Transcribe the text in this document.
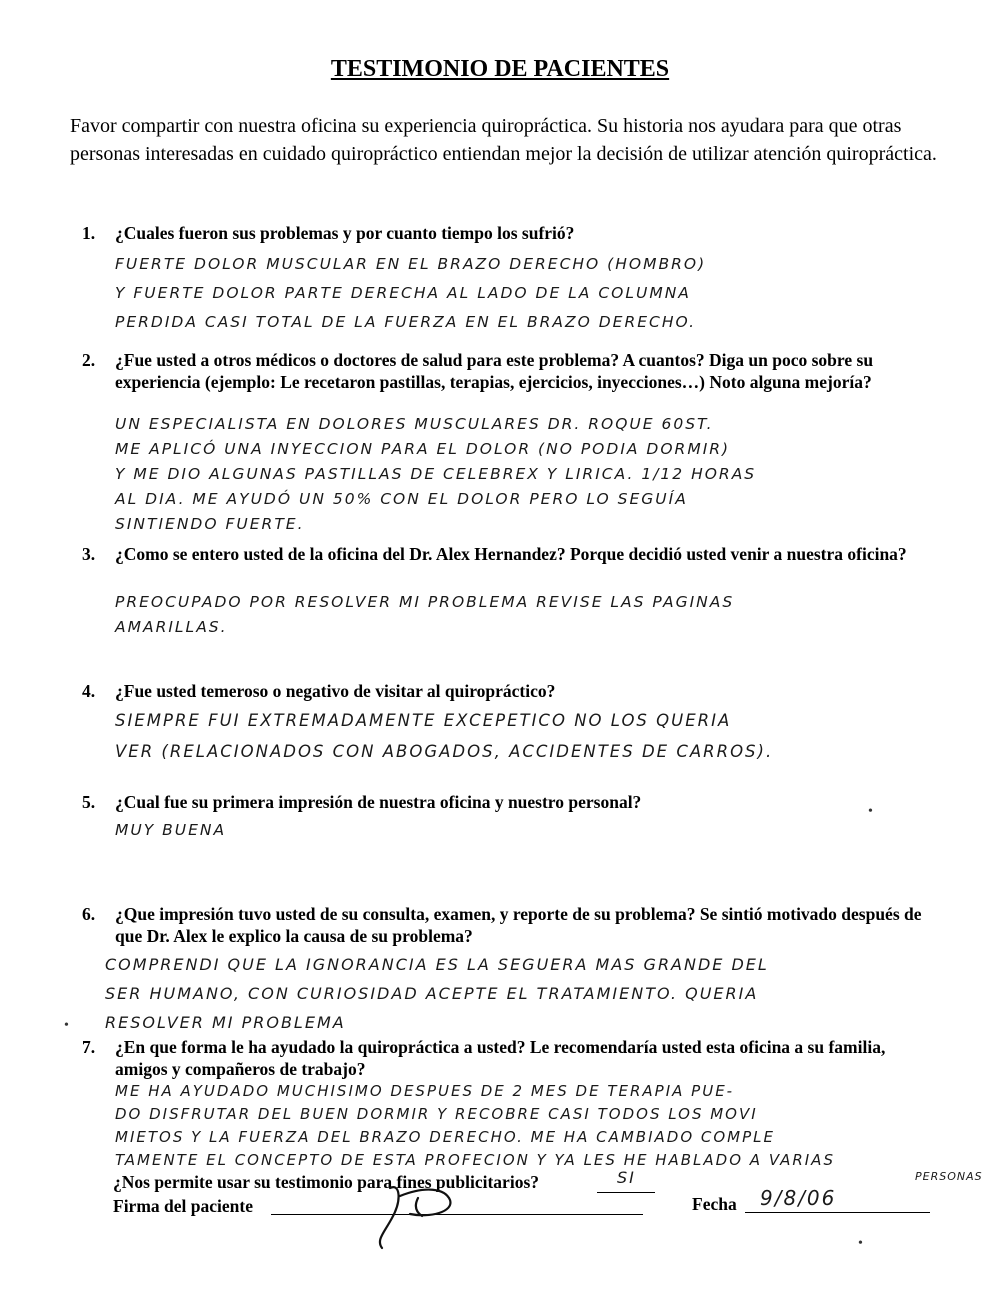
TESTIMONIO DE PACIENTES
Favor compartir con nuestra oficina su experiencia quiropráctica. Su historia nos ayudara para que otras personas interesadas en cuidado quiropráctico entiendan mejor la decisión de utilizar atención quiropráctica.
1. ¿Cuales fueron sus problemas y por cuanto tiempo los sufrió?
FUERTE DOLOR MUSCULAR EN EL BRAZO DERECHO (HOMBRO)
Y FUERTE DOLOR PARTE DERECHA AL LADO DE LA COLUMNA
PERDIDA CASI TOTAL DE LA FUERZA EN EL BRAZO DERECHO.
2. ¿Fue usted a otros médicos o doctores de salud para este problema? A cuantos? Diga un poco sobre su experiencia (ejemplo: Le recetaron pastillas, terapias, ejercicios, inyecciones…) Noto alguna mejoría?
UN ESPECIALISTA EN DOLORES MUSCULARES DR. ROQUE 60ST.
ME APLICÓ UNA INYECCION PARA EL DOLOR (NO PODIA DORMIR)
Y ME DIO ALGUNAS PASTILLAS DE CELEBREX Y LIRICA. 1/12 HORAS
AL DIA. ME AYUDÓ UN 50% CON EL DOLOR PERO LO SEGUÍA
SINTIENDO FUERTE.
3. ¿Como se entero usted de la oficina del Dr. Alex Hernandez? Porque decidió usted venir a nuestra oficina?
PREOCUPADO POR RESOLVER MI PROBLEMA REVISE LAS PAGINAS
AMARILLAS.
4. ¿Fue usted temeroso o negativo de visitar al quiropráctico?
SIEMPRE FUI EXTREMADAMENTE EXCEPETICO NO LOS QUERIA
VER (RELACIONADOS CON ABOGADOS, ACCIDENTES DE CARROS).
5. ¿Cual fue su primera impresión de nuestra oficina y nuestro personal?
MUY BUENA
6. ¿Que impresión tuvo usted de su consulta, examen, y reporte de su problema? Se sintió motivado después de que Dr. Alex le explico la causa de su problema?
COMPRENDI QUE LA IGNORANCIA ES LA SEGUERA MAS GRANDE DEL
SER HUMANO, CON CURIOSIDAD ACEPTE EL TRATAMIENTO. QUERIA
RESOLVER MI PROBLEMA
7. ¿En que forma le ha ayudado la quiropráctica a usted? Le recomendaría usted esta oficina a su familia, amigos y compañeros de trabajo?
ME HA AYUDADO MUCHISIMO DESPUES DE 2 MES DE TERAPIA PUE-
DO DISFRUTAR DEL BUEN DORMIR Y RECOBRE CASI TODOS LOS MOVI
MIETOS Y LA FUERZA DEL BRAZO DERECHO. ME HA CAMBIADO COMPLE
TAMENTE EL CONCEPTO DE ESTA PROFECION Y YA LES HE HABLADO A VARIAS
PERSONAS
¿Nos permite usar su testimonio para fines publicitarios?	SI
Firma del paciente	Fecha 9/8/06
•
•
•
